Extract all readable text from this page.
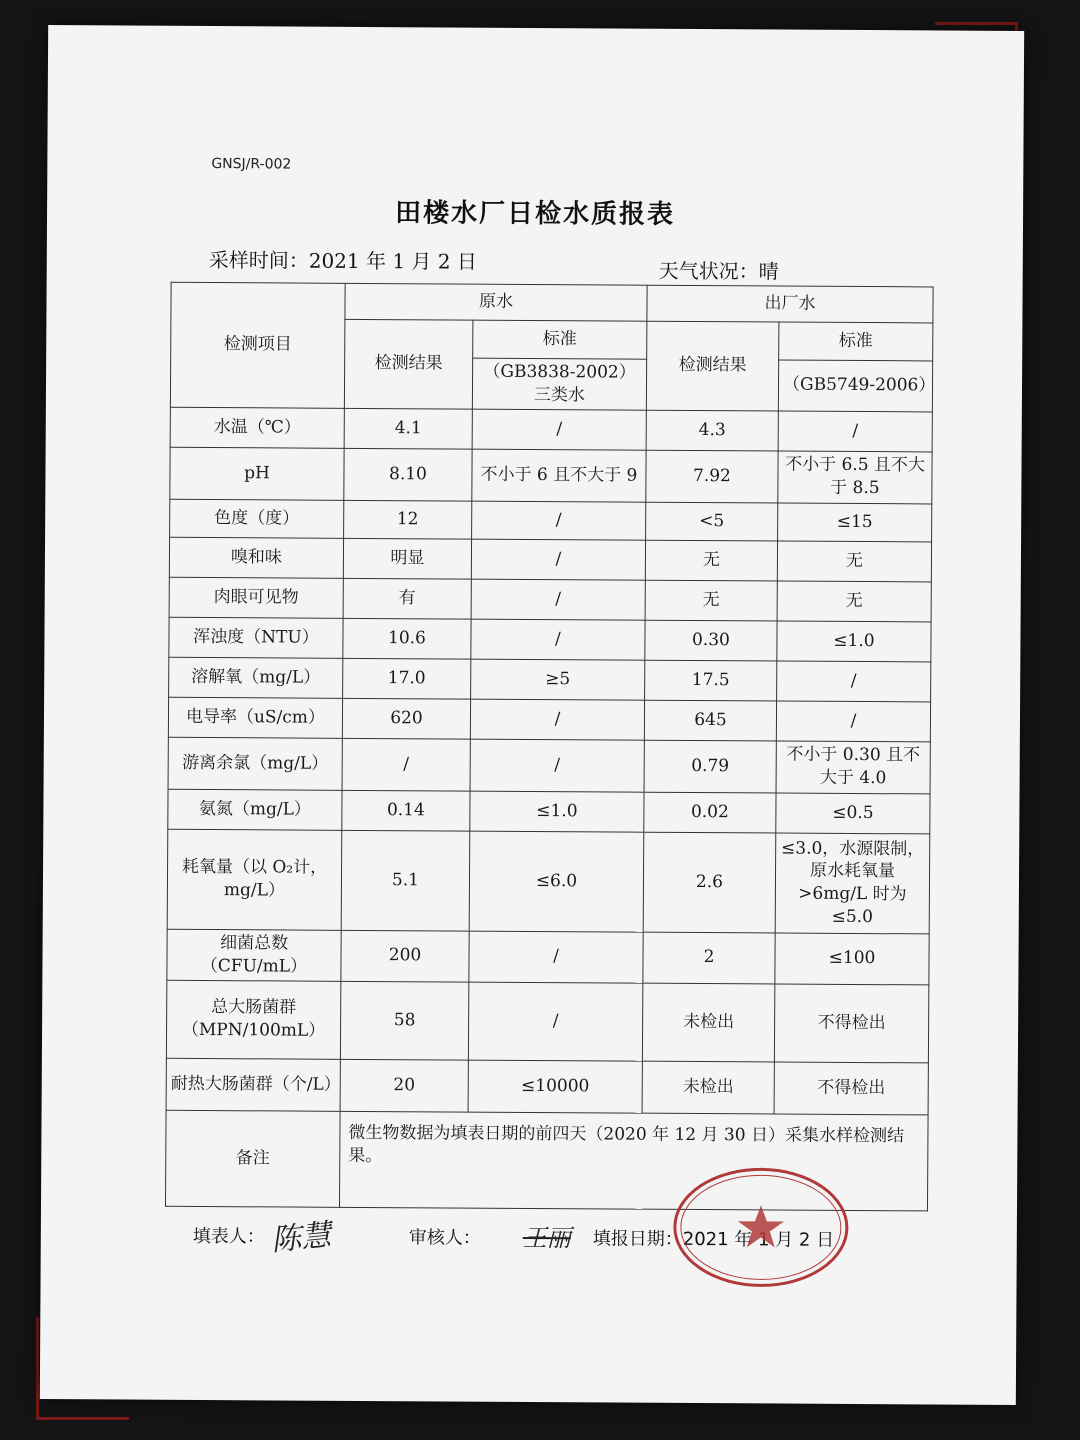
GNSJ/R-002
田楼水厂日检水质报表
采样时间：2021 年 1 月 2 日	天气状况：晴
检测项目	原水		出厂水	
	检测结果	标准	检测结果	标准
		（GB3838-2002）三类水		（GB5749-2006）
水温（℃）	4.1	/	4.3	/
pH	8.10	不小于 6 且不大于 9	7.92	不小于 6.5 且不大于 8.5
色度（度）	12	/	<5	≤15
嗅和味	明显	/	无	无
肉眼可见物	有	/	无	无
浑浊度（NTU）	10.6	/	0.30	≤1.0
溶解氧（mg/L）	17.0	≥5	17.5	/
电导率（uS/cm）	620	/	645	/
游离余氯（mg/L）	/	/	0.79	不小于 0.30 且不大于 4.0
氨氮（mg/L）	0.14	≤1.0	0.02	≤0.5
耗氧量（以 O₂计，mg/L）	5.1	≤6.0	2.6	≤3.0，水源限制，原水耗氧量>6mg/L 时为≤5.0
细菌总数（CFU/mL）	200	/	2	≤100
总大肠菌群（MPN/100mL）	58	/	未检出	不得检出
耐热大肠菌群（个/L）	20	≤10000	未检出	不得检出
备注	微生物数据为填表日期的前四天（2020 年 12 月 30 日）采集水样检测结果。			
填表人： 陈慧	审核人： 王丽 填报日期：2021 年 1 月 2 日
